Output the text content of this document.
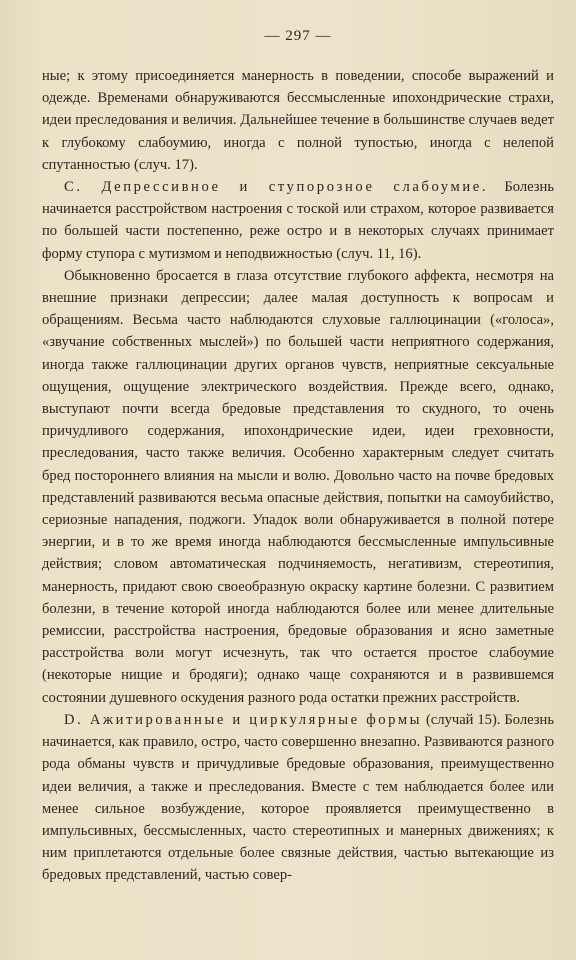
— 297 —

ные; к этому присоединяется манерность в поведении, способе выражений и одежде. Временами обнаруживаются бессмысленные ипохондрические страхи, идеи преследования и величия. Дальнейшее течение в большинстве случаев ведет к глубокому слабоумию, иногда с полной тупостью, иногда с нелепой спутанностью (случ. 17).

С. Депрессивное и ступорозное слабоумие. Болезнь начинается расстройством настроения с тоской или страхом, которое развивается по большей части постепенно, реже остро и в некоторых случаях принимает форму ступора с мутизмом и неподвижностью (случ. 11, 16).

Обыкновенно бросается в глаза отсутствие глубокого аффекта, несмотря на внешние признаки депрессии; далее малая доступность к вопросам и обращениям. Весьма часто наблюдаются слуховые галлюцинации («голоса», «звучание собственных мыслей») по большей части неприятного содержания, иногда также галлюцинации других органов чувств, неприятные сексуальные ощущения, ощущение электрического воздействия. Прежде всего, однако, выступают почти всегда бредовые представления то скудного, то очень причудливого содержания, ипохондрические идеи, идеи греховности, преследования, часто также величия. Особенно характерным следует считать бред постороннего влияния на мысли и волю. Довольно часто на почве бредовых представлений развиваются весьма опасные действия, попытки на самоубийство, сериозные нападения, поджоги. Упадок воли обнаруживается в полной потере энергии, и в то же время иногда наблюдаются бессмысленные импульсивные действия; словом автоматическая подчиняемость, негативизм, стереотипия, манерность, придают свою своеобразную окраску картине болезни. С развитием болезни, в течение которой иногда наблюдаются более или менее длительные ремиссии, расстройства настроения, бредовые образования и ясно заметные расстройства воли могут исчезнуть, так что остается простое слабоумие (некоторые нищие и бродяги); однако чаще сохраняются и в развившемся состоянии душевного оскудения разного рода остатки прежних расстройств.

D. Ажитированные и циркулярные формы (случай 15). Болезнь начинается, как правило, остро, часто совершенно внезапно. Развиваются разного рода обманы чувств и причудливые бредовые образования, преимущественно идеи величия, а также и преследования. Вместе с тем наблюдается более или менее сильное возбуждение, которое проявляется преимущественно в импульсивных, бессмысленных, часто стереотипных и манерных движениях; к ним приплетаются отдельные более связные действия, частью вытекающие из бредовых представлений, частью совер-
